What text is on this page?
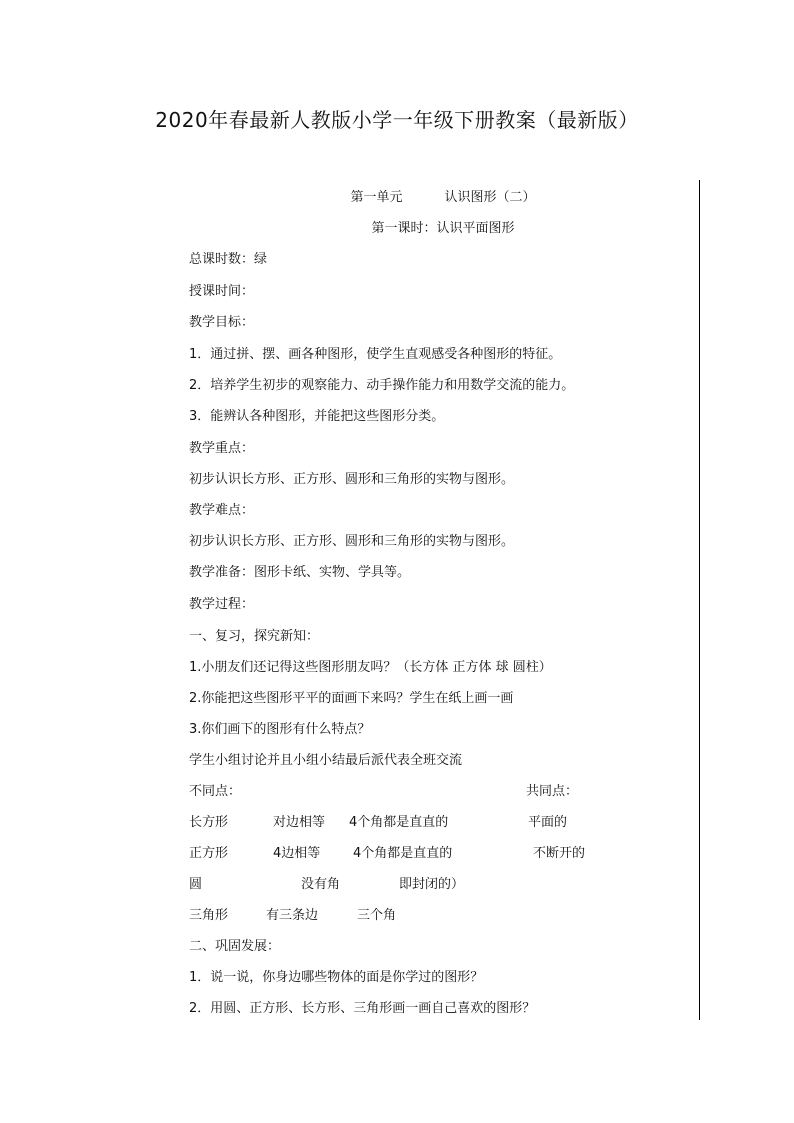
2020年春最新人教版小学一年级下册教案（最新版）
第一单元	认识图形（二）
第一课时：认识平面图形
总课时数：绿
授课时间：
教学目标：
1．通过拼、摆、画各种图形，使学生直观感受各种图形的特征。
2．培养学生初步的观察能力、动手操作能力和用数学交流的能力。
3．能辨认各种图形，并能把这些图形分类。
教学重点：
初步认识长方形、正方形、圆形和三角形的实物与图形。
教学难点：
初步认识长方形、正方形、圆形和三角形的实物与图形。
教学准备：图形卡纸、实物、学具等。
教学过程：
一、复习，探究新知：
1.小朋友们还记得这些图形朋友吗？（长方体 正方体 球 圆柱）
2.你能把这些图形平平的面画下来吗？学生在纸上画一画
3.你们画下的图形有什么特点？
学生小组讨论并且小组小结最后派代表全班交流
不同点：	共同点：
长方形	对边相等 4个角都是直直的	平面的
正方形	4边相等	4个角都是直直的	不断开的
圆	没有角	即封闭的）
三角形	有三条边	三个角
二、巩固发展：
1．说一说，你身边哪些物体的面是你学过的图形？
2．用圆、正方形、长方形、三角形画一画自己喜欢的图形？
